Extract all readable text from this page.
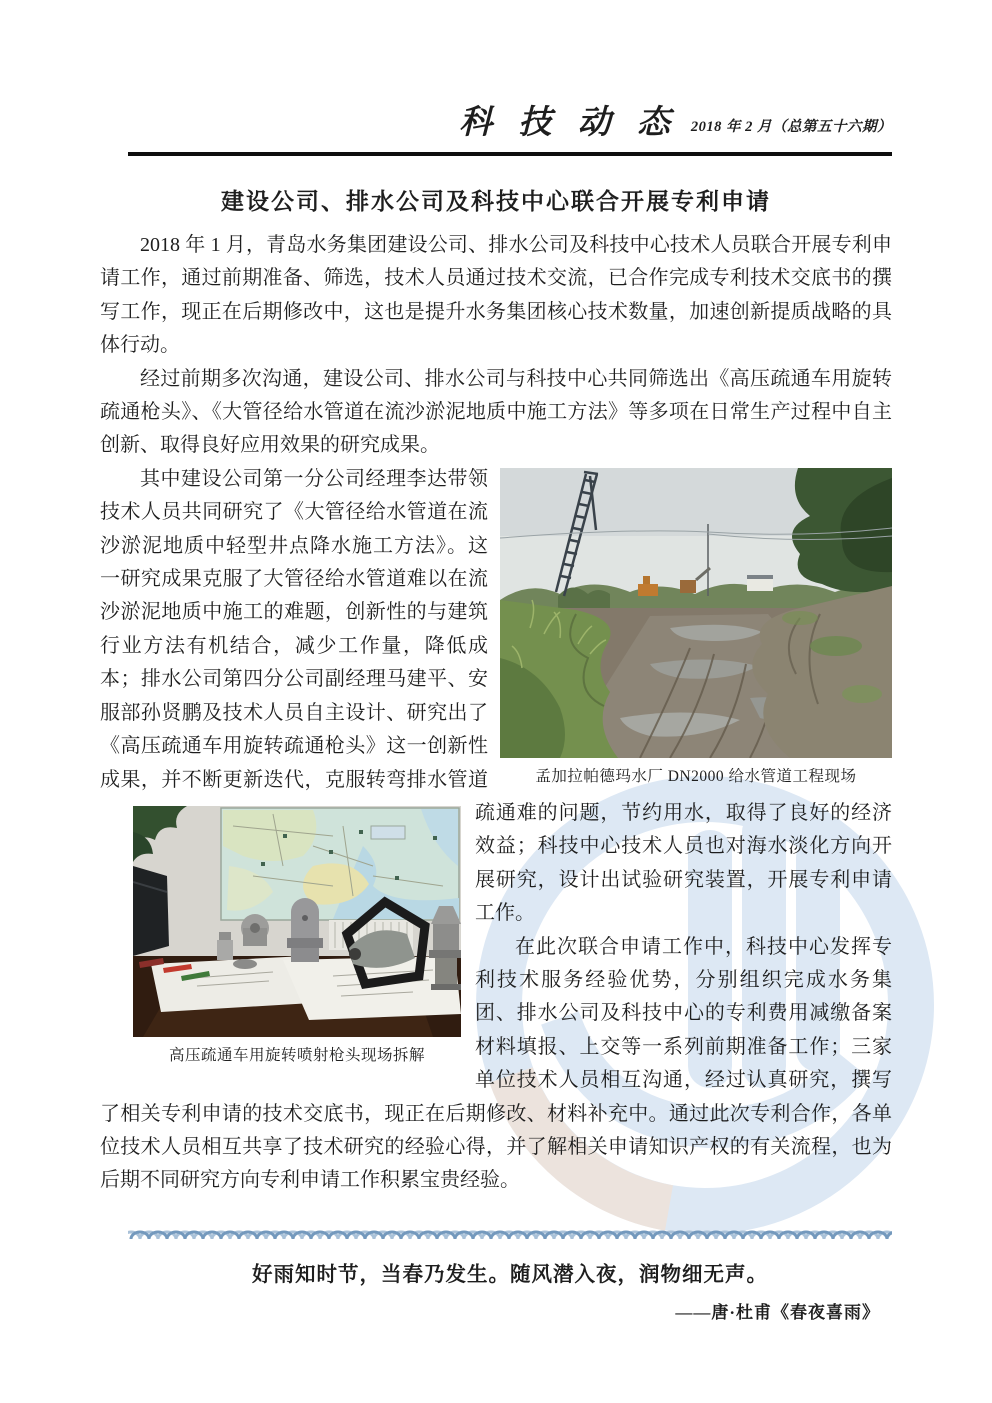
科 技 动 态 2018 年 2 月（总第五十六期）
建设公司、排水公司及科技中心联合开展专利申请

2018 年 1 月，青岛水务集团建设公司、排水公司及科技中心技术人员联合开展专利申请工作，通过前期准备、筛选，技术人员通过技术交流，已合作完成专利技术交底书的撰写工作，现正在后期修改中，这也是提升水务集团核心技术数量，加速创新提质战略的具体行动。

经过前期多次沟通，建设公司、排水公司与科技中心共同筛选出《高压疏通车用旋转疏通枪头》、《大管径给水管道在流沙淤泥地质中施工方法》等多项在日常生产过程中自主创新、取得良好应用效果的研究成果。

孟加拉帕德玛水厂 DN2000 给水管道工程现场

其中建设公司第一分公司经理李达带领技术人员共同研究了《大管径给水管道在流沙淤泥地质中轻型井点降水施工方法》。这一研究成果克服了大管径给水管道难以在流沙淤泥地质中施工的难题，创新性的与建筑行业方法有机结合，减少工作量，降低成本；排水公司第四分公司副经理马建平、安服部孙贤鹏及技术人员自主设计、研究出了《高压疏通车用旋转疏通枪头》这一创新性成果，并不断更新迭代，克服转弯排水管道疏通难的问
高压疏通车用旋转喷射枪头现场拆解
题，节约用水，取得了良好的经济效益；科技中心技术人员也对海水淡化方向开展研究，设计出试验研究装置，开展专利申请工作。

在此次联合申请工作中，科技中心发挥专利技术服务经验优势，分别组织完成水务集团、排水公司及科技中心的专利费用减缴备案材料填报、上交等一系列前期准备工作；三家单位技术人员相互沟通，经过认真研究，撰写了相关专利申请的技术交底书，现正在后期修改、材料补充中。通过此次专利合作，各单位技术人员相互共享了技术研究的经验心得，并了解相关申请知识产权的有关流程，也为后期不同研究方向专利申请工作积累宝贵经验。

好雨知时节，当春乃发生。随风潜入夜，润物细无声。
——唐·杜甫《春夜喜雨》
